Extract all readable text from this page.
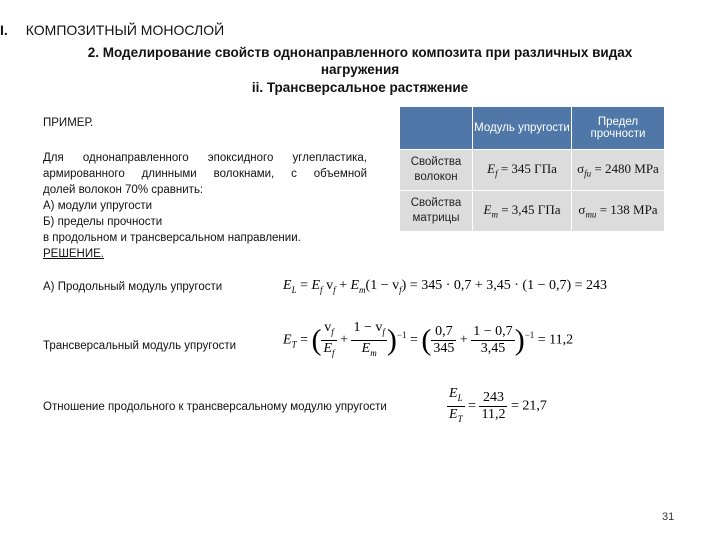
I. КОМПОЗИТНЫЙ МОНОСЛОЙ
2. Моделирование свойств однонаправленного композита при различных видах
нагружения
ii. Трансверсальное растяжение
ПРИМЕР.
Для однонаправленного эпоксидного углепластика,
армированного длинными волокнами, с объемной
долей волокон 70% сравнить:
А) модули упругости
Б) пределы прочности
в продольном и трансверсальном направлении.
РЕШЕНИЕ.
	Модуль упругости	Предел прочности
Свойства волокон	$E_f = 345$ ГПа	$\sigma_{fu} = 2480$ MPa
Свойства матрицы	$E_m = 3,45$ ГПа	$\sigma_{mu} = 138$ MPa
А) Продольный модуль упругости	$E_L = E_f$ $v_f + E_m(1 - v_f) = 345 \cdot 0,7 + 3,45 \cdot (1 - 0,7) = 243$
Трансверсальный модуль упругости	$E_T$ = ( $\frac{v_f}{E_f} + \frac{1 - v_f}{E_m} )^{-1}$ = ( $\frac{0,7}{345} + \frac{1 - 0,7}{3,45} )^{-1} = 11,2$
Отношение продольного к трансверсальному модулю упругости	$\frac{E_L}{E_T} = \frac{243}{11,2} = 21,7$
31
